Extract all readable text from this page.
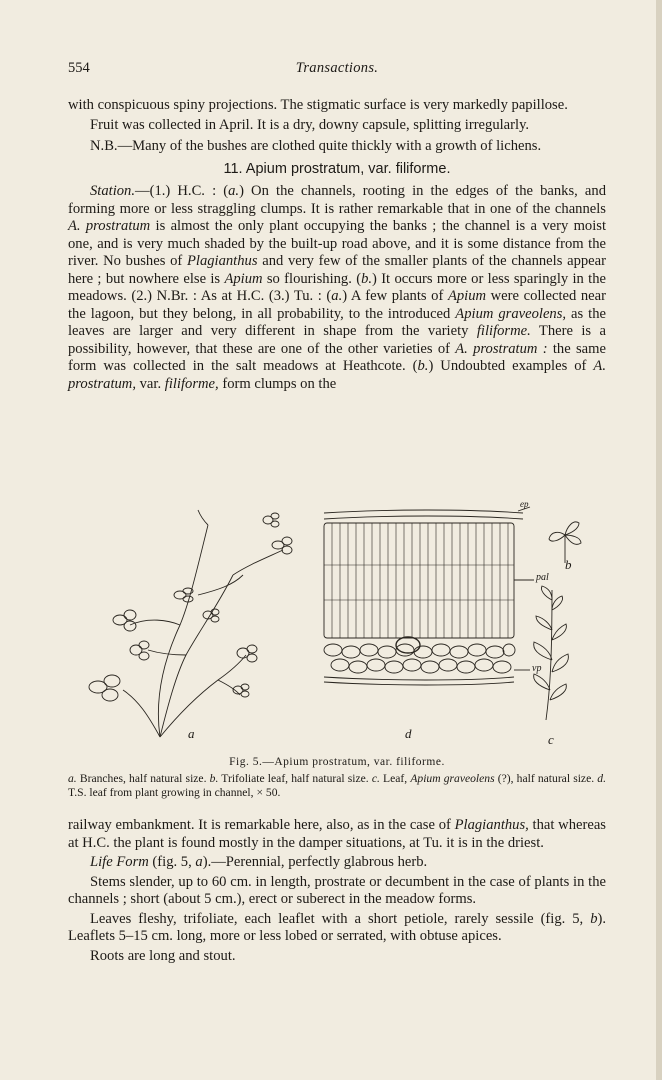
554	Transactions.

with conspicuous spiny projections. The stigmatic surface is very markedly papillose.

Fruit was collected in April. It is a dry, downy capsule, splitting irregularly.

N.B.—Many of the bushes are clothed quite thickly with a growth of lichens.

11. Apium prostratum, var. filiforme.

Station.—(1.) H.C. : (a.) On the channels, rooting in the edges of the banks, and forming more or less straggling clumps. It is rather remarkable that in one of the channels A. prostratum is almost the only plant occupying the banks ; the channel is a very moist one, and is very much shaded by the built-up road above, and it is some distance from the river. No bushes of Plagianthus and very few of the smaller plants of the channels appear here ; but nowhere else is Apium so flourishing. (b.) It occurs more or less sparingly in the meadows. (2.) N.Br. : As at H.C. (3.) Tu. : (a.) A few plants of Apium were collected near the lagoon, but they belong, in all probability, to the introduced Apium graveolens, as the leaves are larger and very different in shape from the variety filiforme. There is a possibility, however, that these are one of the other varieties of A. prostratum : the same form was collected in the salt meadows at Heathcote. (b.) Undoubted examples of A. prostratum, var. filiforme, form clumps on the

a	d	c
b
pal
vp
ep
Fig. 5.—Apium prostratum, var. filiforme.
a. Branches, half natural size. b. Trifoliate leaf, half natural size. c. Leaf, Apium graveolens (?), half natural size. d. T.S. leaf from plant growing in channel, × 50.

railway embankment. It is remarkable here, also, as in the case of Plagianthus, that whereas at H.C. the plant is found mostly in the damper situations, at Tu. it is in the driest.

Life Form (fig. 5, a).—Perennial, perfectly glabrous herb.

Stems slender, up to 60 cm. in length, prostrate or decumbent in the case of plants in the channels ; short (about 5 cm.), erect or suberect in the meadow forms.

Leaves fleshy, trifoliate, each leaflet with a short petiole, rarely sessile (fig. 5, b). Leaflets 5–15 cm. long, more or less lobed or serrated, with obtuse apices.

Roots are long and stout.
